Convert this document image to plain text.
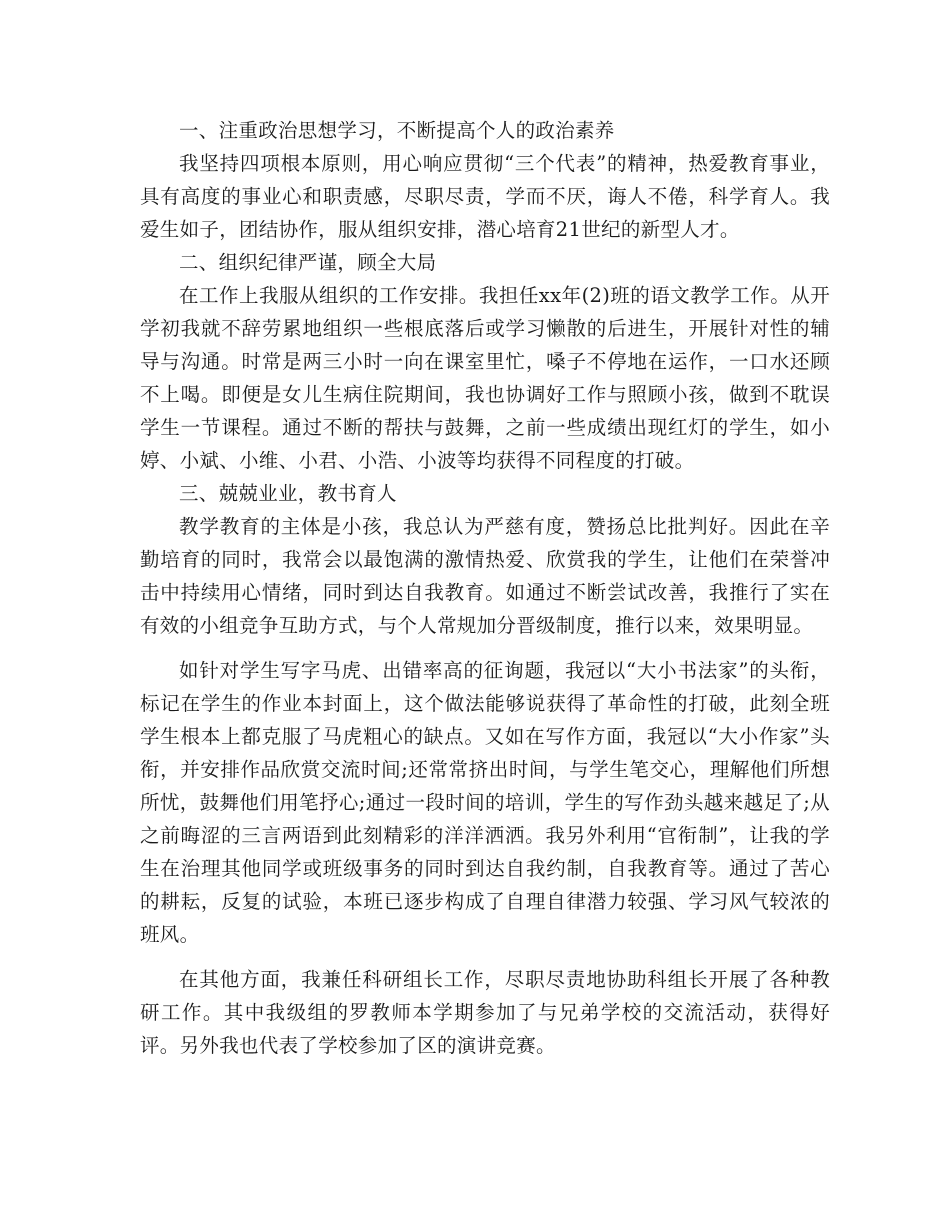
一、注重政治思想学习，不断提高个人的政治素养

我坚持四项根本原则，用心响应贯彻“三个代表”的精神，热爱教育事业，具有高度的事业心和职责感，尽职尽责，学而不厌，诲人不倦，科学育人。我爱生如子，团结协作，服从组织安排，潜心培育21世纪的新型人才。

二、组织纪律严谨，顾全大局

在工作上我服从组织的工作安排。我担任xx年(2)班的语文教学工作。从开学初我就不辞劳累地组织一些根底落后或学习懒散的后进生，开展针对性的辅导与沟通。时常是两三小时一向在课室里忙，嗓子不停地在运作，一口水还顾不上喝。即便是女儿生病住院期间，我也协调好工作与照顾小孩，做到不耽误学生一节课程。通过不断的帮扶与鼓舞，之前一些成绩出现红灯的学生，如小婷、小斌、小维、小君、小浩、小波等均获得不同程度的打破。

三、兢兢业业，教书育人

教学教育的主体是小孩，我总认为严慈有度，赞扬总比批判好。因此在辛勤培育的同时，我常会以最饱满的激情热爱、欣赏我的学生，让他们在荣誉冲击中持续用心情绪，同时到达自我教育。如通过不断尝试改善，我推行了实在有效的小组竞争互助方式，与个人常规加分晋级制度，推行以来，效果明显。

如针对学生写字马虎、出错率高的征询题，我冠以“大小书法家”的头衔，标记在学生的作业本封面上，这个做法能够说获得了革命性的打破，此刻全班学生根本上都克服了马虎粗心的缺点。又如在写作方面，我冠以“大小作家”头衔，并安排作品欣赏交流时间;还常常挤出时间，与学生笔交心，理解他们所想所忧，鼓舞他们用笔抒心;通过一段时间的培训，学生的写作劲头越来越足了;从之前晦涩的三言两语到此刻精彩的洋洋洒洒。我另外利用“官衔制”，让我的学生在治理其他同学或班级事务的同时到达自我约制，自我教育等。通过了苦心的耕耘，反复的试验，本班已逐步构成了自理自律潜力较强、学习风气较浓的班风。

在其他方面，我兼任科研组长工作，尽职尽责地协助科组长开展了各种教研工作。其中我级组的罗教师本学期参加了与兄弟学校的交流活动，获得好评。另外我也代表了学校参加了区的演讲竞赛。
